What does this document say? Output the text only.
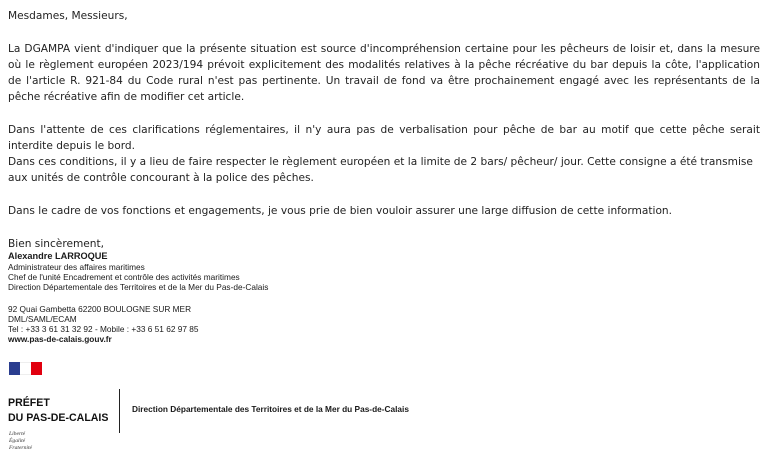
Mesdames, Messieurs,

La DGAMPA vient d'indiquer que la présente situation est source d'incompréhension certaine pour les pêcheurs de loisir et, dans la mesure où le règlement européen 2023/194 prévoit explicitement des modalités relatives à la pêche récréative du bar depuis la côte, l'application de l'article R. 921-84 du Code rural n'est pas pertinente. Un travail de fond va être prochainement engagé avec les représentants de la pêche récréative afin de modifier cet article.

Dans l'attente de ces clarifications réglementaires, il n'y aura pas de verbalisation pour pêche de bar au motif que cette pêche serait interdite depuis le bord.

Dans ces conditions, il y a lieu de faire respecter le règlement européen et la limite de 2 bars/ pêcheur/ jour. Cette consigne a été transmise aux unités de contrôle concourant à la police des pêches.

Dans le cadre de vos fonctions et engagements, je vous prie de bien vouloir assurer une large diffusion de cette information.

Bien sincèrement,

Alexandre LARROQUE
Administrateur des affaires maritimes
Chef de l'unité Encadrement et contrôle des activités maritimes
Direction Départementale des Territoires et de la Mer du Pas-de-Calais
92 Quai Gambetta 62200 BOULOGNE SUR MER
DML/SAML/ECAM
Tel : +33 3 61 31 32 92 - Mobile : +33 6 51 62 97 85
www.pas-de-calais.gouv.fr
PRÉFET
DU PAS-DE-CALAIS
Liberté
Égalité
Fraternité
Direction Départementale des Territoires et de la Mer du Pas-de-Calais
